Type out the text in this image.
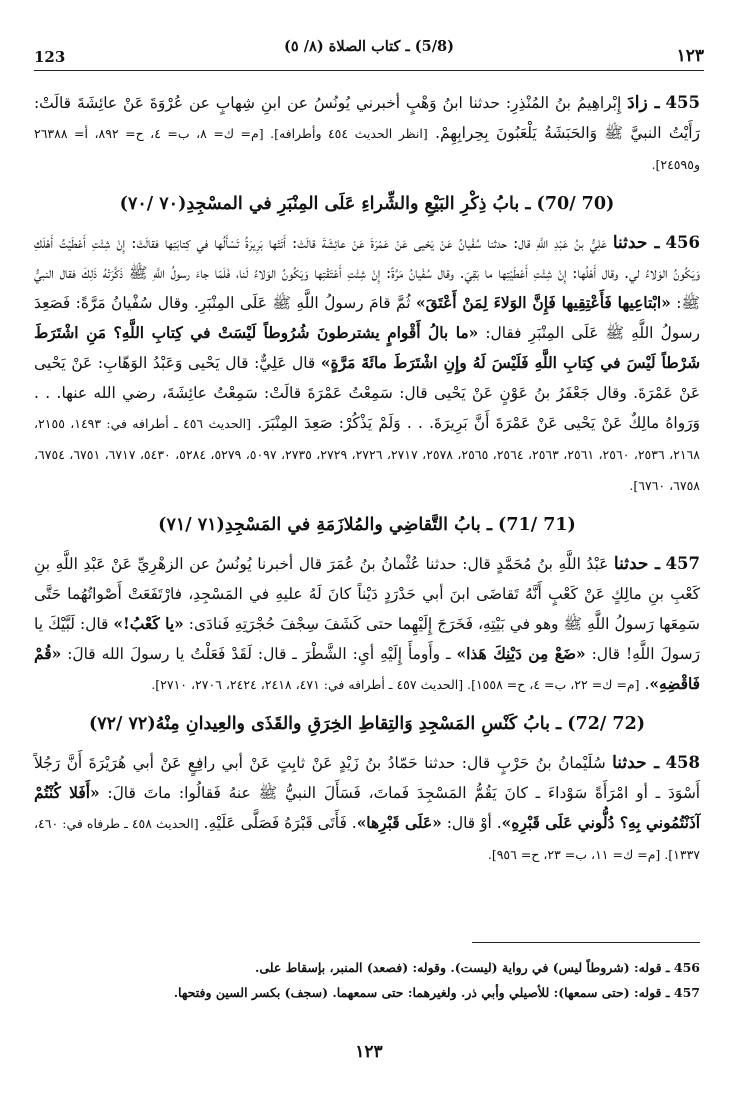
123
(5/8) ـ كتاب الصلاة (٨/ ٥)	١٢٣

455 ـ زادَ إِبْراهِيمُ بنُ المُنْذِرِ: حدثنا ابنُ وَهْبٍ أخبرني يُونُسُ عن ابنِ شِهابٍ عن عُرْوَةَ عَنْ عائِشَةَ قالَتْ: رَأَيْتُ النبيَّ ﷺ وَالحَبَشَةُ يَلْعَبُونَ بِحِرابِهِمْ. [انظر الحديث ٤٥٤ وأطرافه]. [م= ك= ٨، ب= ٤، ح= ٨٩٢، أ= ٢٦٣٨٨ و٢٤٥٩٥].

(70 /70) ـ بابُ ذِكْرِ البَيْعِ والشِّراءِ عَلَى المِنْبَرِ في المسْجِدِ(٧٠ /٧٠)

456 ـ حدثنا عَلِيُّ بنُ عَبْدِ اللَّهِ قال: حدثنا سُفْيانُ عَنْ يَحْيى عَنْ عَمْرَةَ عَنْ عائِشَةَ قالَتْ: أَتَتْها بَرِيرَةُ تَسْأَلُها في كِتابَتِها فقالَتْ: إِنْ شِئْتِ أَعْطَيْتُ أَهْلَكِ وَيَكُونُ الوَلاءُ لي. وقال أَهْلُها: إِنْ شِئْتِ أَعْطَيْتِها ما بَقِيَ. وقال سُفْيانُ مَرَّةً: إِنْ شِئْتِ أَعْتَقْتِها وَيَكُونُ الوَلاءُ لَنا، فَلَمّا جاءَ رسولُ اللَّهِ ﷺ ذَكَّرَتْهُ ذَلِكَ فقال النبيُّ ﷺ: «ابْتاعِيها فَأَعْتِقِيها فَإِنَّ الوَلاءَ لِمَنْ أَعْتَقَ» ثُمَّ قامَ رسولُ اللَّهِ ﷺ عَلَى المِنْبَرِ. وقال سُفْيانُ مَرَّةً: فَصَعِدَ رسولُ اللَّهِ ﷺ عَلَى المِنْبَرِ فقال: «ما بالُ أَقْوامٍ يشترطونَ شُرُوطاً لَيْسَتْ في كِتابِ اللَّهِ؟ مَنِ اشْتَرَطَ شَرْطاً لَيْسَ في كِتابِ اللَّهِ فَلَيْسَ لَهُ وإِنِ اشْتَرَطَ مائَةَ مَرَّةٍ» قال عَلِيٌّ: قال يَحْيى وَعَبْدُ الوَهّابِ: عَنْ يَحْيى عَنْ عَمْرَةَ. وقال جَعْفَرُ بنُ عَوْنٍ عَنْ يَحْيى قال: سَمِعْتُ عَمْرَةَ قالَتْ: سَمِعْتُ عائِشَةَ، رضي الله عنها. . . وَرَواهُ مالِكٌ عَنْ يَحْيى عَنْ عَمْرَةَ أَنَّ بَرِيرَةَ. . . وَلَمْ يَذْكُرْ: صَعِدَ المِنْبَرَ. [الحديث ٤٥٦ ـ أطرافه في: ١٤٩٣، ٢١٥٥، ٢١٦٨، ٢٥٣٦، ٢٥٦٠، ٢٥٦١، ٢٥٦٣، ٢٥٦٤، ٢٥٦٥، ٢٥٧٨، ٢٧١٧، ٢٧٢٦، ٢٧٢٩، ٢٧٣٥، ٥٠٩٧، ٥٢٧٩، ٥٢٨٤، ٥٤٣٠، ٦٧١٧، ٦٧٥١، ٦٧٥٤، ٦٧٥٨، ٦٧٦٠].

(71 /71) ـ بابُ التَّقاضِي والمُلازَمَةِ في المَسْجِدِ(٧١ /٧١)

457 ـ حدثنا عَبْدُ اللَّهِ بنُ مُحَمَّدٍ قال: حدثنا عُثْمانُ بنُ عُمَرَ قال أخبرنا يُونُسُ عن الزهْرِيِّ عَنْ عَبْدِ اللَّهِ بنِ كَعْبِ بنِ مالِكٍ عَنْ كَعْبٍ أَنَّهُ تَقاضَى ابنَ أبي حَدْرَدٍ دَيْناً كانَ لَهُ عليهِ في المَسْجِدِ، فارْتَفَعَتْ أَصْواتُهُما حَتَّى سَمِعَها رَسولُ اللَّهِ ﷺ وهو في بَيْتِهِ، فَخَرَجَ إِلَيْهِما حتى كَشَفَ سِجْفَ حُجْرَتِهِ فَنادَى: «يا كَعْبُ!» قال: لَبَّيْكَ يا رَسولَ اللَّهِ! قال: «ضَعْ مِن دَيْنِكَ هَذا» ـ وأَومأَ إِلَيْهِ أيِ: الشَّطْرَ ـ قال: لَقَدْ فَعَلْتُ يا رسولَ الله قالَ: «قُمْ فَاقْضِهِ». [م= ك= ٢٢، ب= ٤، ح= ١٥٥٨]. [الحديث ٤٥٧ ـ أطرافه في: ٤٧١، ٢٤١٨، ٢٤٢٤، ٢٧٠٦، ٢٧١٠].

(72 /72) ـ بابُ كَنْسِ المَسْجِدِ وَالتِقاطِ الخِرَقِ والقَذَى والعِيدانِ مِنْهُ(٧٢ /٧٢)

458 ـ حدثنا سُلَيْمانُ بنُ حَرْبٍ قال: حدثنا حَمّادُ بنُ زَيْدٍ عَنْ ثابِتٍ عَنْ أبي رافِعٍ عَنْ أبي هُرَيْرَةَ أَنَّ رَجُلاً أَسْوَدَ ـ أو امْرَأَةً سَوْداءَ ـ كانَ يَقُمُّ المَسْجِدَ فَماتَ، فَسَأَلَ النبيُّ ﷺ عنهُ فَقالُوا: ماتَ قالَ: «أَفَلا كُنْتُمْ آذَنْتُمُوني بِهِ؟ دُلُّوني عَلَى قَبْرِهِ». أوْ قال: «عَلَى قَبْرِها». فَأَتَى قَبْرَهُ فَصَلَّى عَلَيْهِ. [الحديث ٤٥٨ ـ طرفاه في: ٤٦٠، ١٣٣٧]. [م= ك= ١١، ب= ٢٣، ح= ٩٥٦].

456 ـ قوله: (شروطاً ليس) في رواية (ليست). وقوله: (فصعد) المنبر، بإسقاط على.

457 ـ قوله: (حتى سمعها): للأصيلي وأبي ذر. ولغيرهما: حتى سمعهما. (سجف) بكسر السين وفتحها.

١٢٣
